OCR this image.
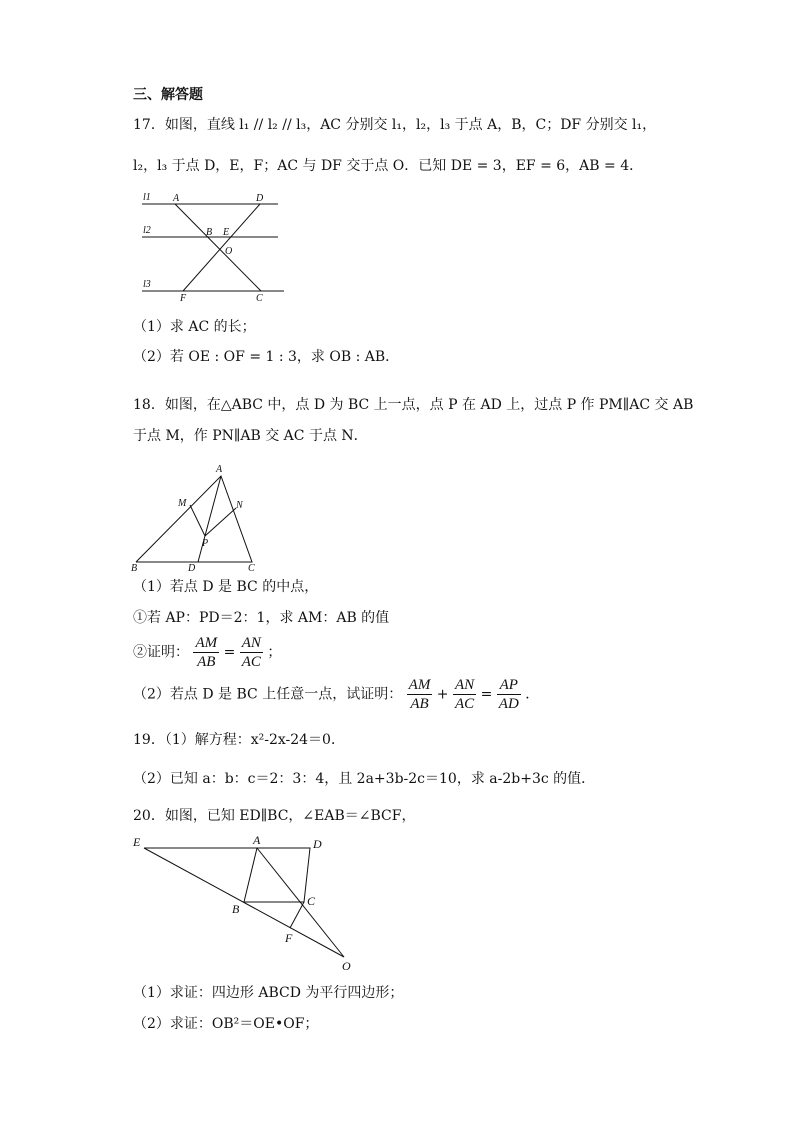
三、解答题
17．如图，直线 l₁ // l₂ // l₃，AC 分别交 l₁，l₂，l₃ 于点 A，B，C；DF 分别交 l₁，
l₂，l₃ 于点 D，E，F；AC 与 DF 交于点 O．已知 DE = 3，EF = 6，AB = 4．
l1
l2
l3
A	D
B E
O
F	C
（1）求 AC 的长；
（2）若 OE : OF = 1 : 3，求 OB : AB．
18．如图，在△ABC 中，点 D 为 BC 上一点，点 P 在 AD 上，过点 P 作 PM∥AC 交 AB
于点 M，作 PN∥AB 交 AC 于点 N．
A
M	N
P
B	D	C
（1）若点 D 是 BC 的中点，
①若 AP：PD＝2：1，求 AM：AB 的值
②证明： $\frac{AM}{AB} = \frac{AN}{AC}$ ；
（2）若点 D 是 BC 上任意一点，试证明： $\frac{AM}{AB} + \frac{AN}{AC} = \frac{AP}{AD}$ ．
19．（1）解方程：x²-2x-24＝0．
（2）已知 a：b：c＝2：3：4，且 2a+3b-2c＝10，求 a-2b+3c 的值．
20．如图，已知 ED∥BC，∠EAB＝∠BCF，
E	A	D
C
B
F
O
（1）求证：四边形 ABCD 为平行四边形；
（2）求证：OB²＝OE•OF；
